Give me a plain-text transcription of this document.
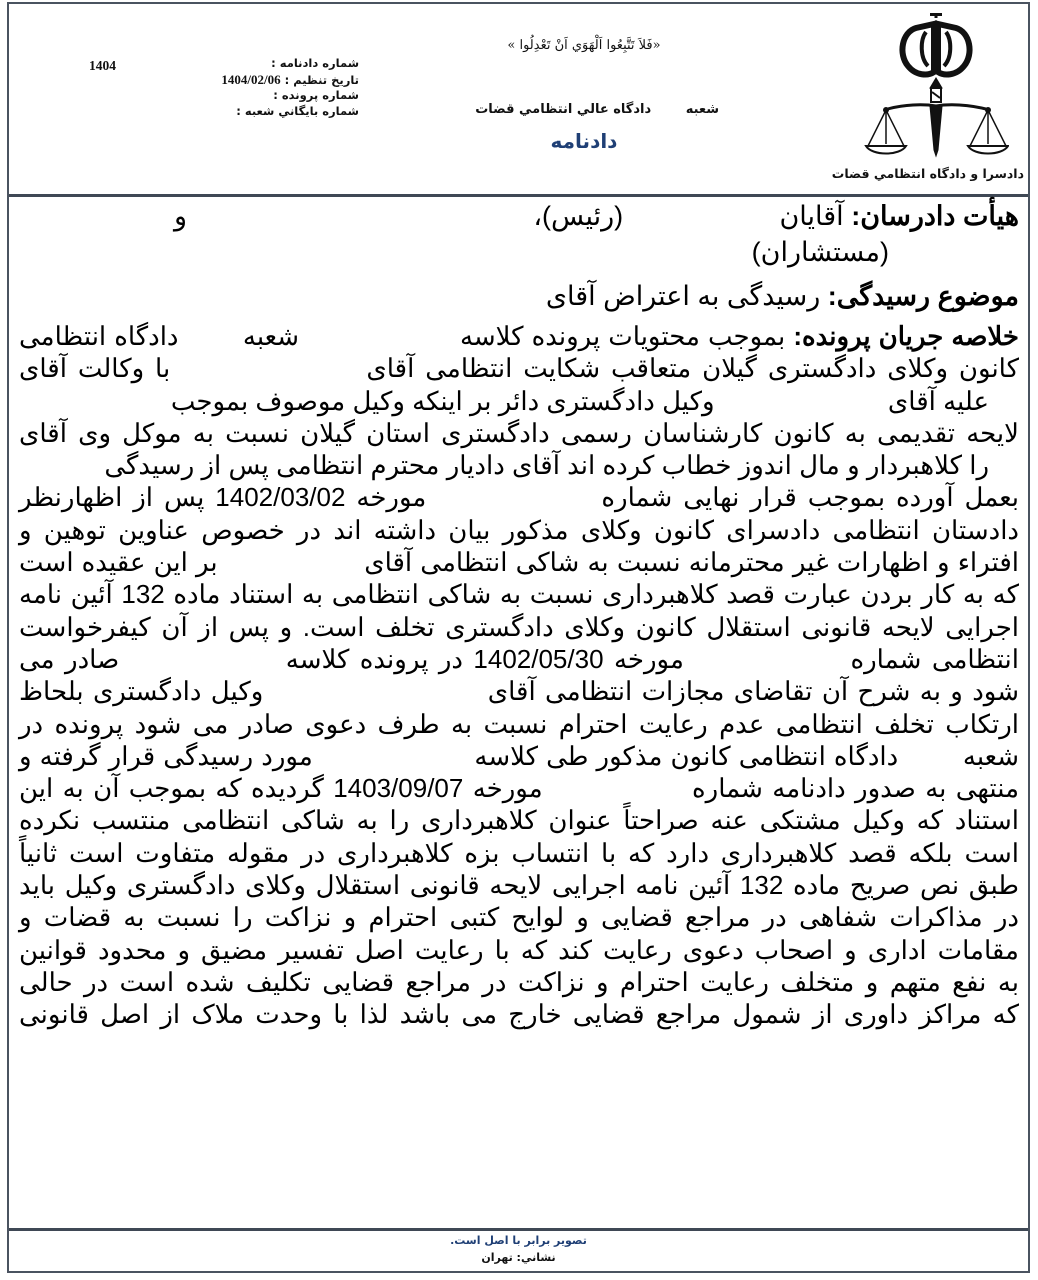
1404	شماره دادنامه :
تاريخ تنظيم : 1404/02/06
شماره پرونده :
شماره بايگاني شعبه :
«فَلاَ تَتَّبِعُوا اَلْهَوَي اَنْ تَعْدِلُوا »
شعبه دادگاه عالي انتظامي قضات
دادنامه
دادسرا و دادگاه انتظامي قضات
هیأت دادرسان: آقایان
(رئیس)،
و
(مستشاران)
موضوع رسیدگی: رسیدگی به اعتراض آقای
خلاصه جریان پرونده: بموجب محتویات پرونده کلاسه                    شعبه        دادگاه انتظامی
کانون وکلای دادگستری گیلان متعاقب شکایت انتظامی آقای                  با وکالت آقای
علیه آقای                        وکیل دادگستری دائر بر اینکه وکیل موصوف بموجب
لایحه تقدیمی به کانون کارشناسان رسمی دادگستری استان گیلان نسبت به موکل وی آقای
را کلاهبردار و مال اندوز خطاب کرده اند آقای دادیار محترم انتظامی پس از رسیدگی
بعمل آورده بموجب قرار نهایی شماره                مورخه 1402/03/02 پس از اظهارنظر
دادستان انتظامی دادسرای کانون وکلای مذکور بیان داشته اند در خصوص عناوین توهین و
افتراء و اظهارات غیر محترمانه نسبت به شاکی انتظامی آقای                  بر این عقیده است
که به کار بردن عبارت قصد کلاهبرداری نسبت به شاکی انتظامی به استناد ماده 132 آئین نامه
اجرایی لایحه قانونی استقلال کانون وکلای دادگستری تخلف است. و پس از آن کیفرخواست
انتظامی شماره                مورخه 1402/05/30 در پرونده کلاسه                صادر می
شود و به شرح آن تقاضای مجازات انتظامی آقای                        وکیل دادگستری بلحاظ
ارتکاب تخلف انتظامی عدم رعایت احترام نسبت به طرف دعوی صادر می شود پرونده در
شعبه        دادگاه انتظامی کانون مذکور طی کلاسه                    مورد رسیدگی قرار گرفته و
منتهی به صدور دادنامه شماره                مورخه 1403/09/07 گردیده که بموجب آن به این
استناد که وکیل مشتکی عنه صراحتاً عنوان کلاهبرداری را به شاکی انتظامی منتسب نکرده
است بلکه قصد کلاهبرداری دارد که با انتساب بزه کلاهبرداری در مقوله متفاوت است ثانیاً
طبق نص صریح ماده 132 آئین نامه اجرایی لایحه قانونی استقلال وکلای دادگستری وکیل باید
در مذاکرات شفاهی در مراجع قضایی و لوایح کتبی احترام و نزاکت را نسبت به قضات و
مقامات اداری و اصحاب دعوی رعایت کند که با رعایت اصل تفسیر مضیق و محدود قوانین
به نفع متهم و متخلف رعایت احترام و نزاکت در مراجع قضایی تکلیف شده است در حالی
که مراکز داوری از شمول مراجع قضایی خارج می باشد لذا با وحدت ملاک از اصل قانونی
تصوير برابر با اصل است.
نشاني: تهران
